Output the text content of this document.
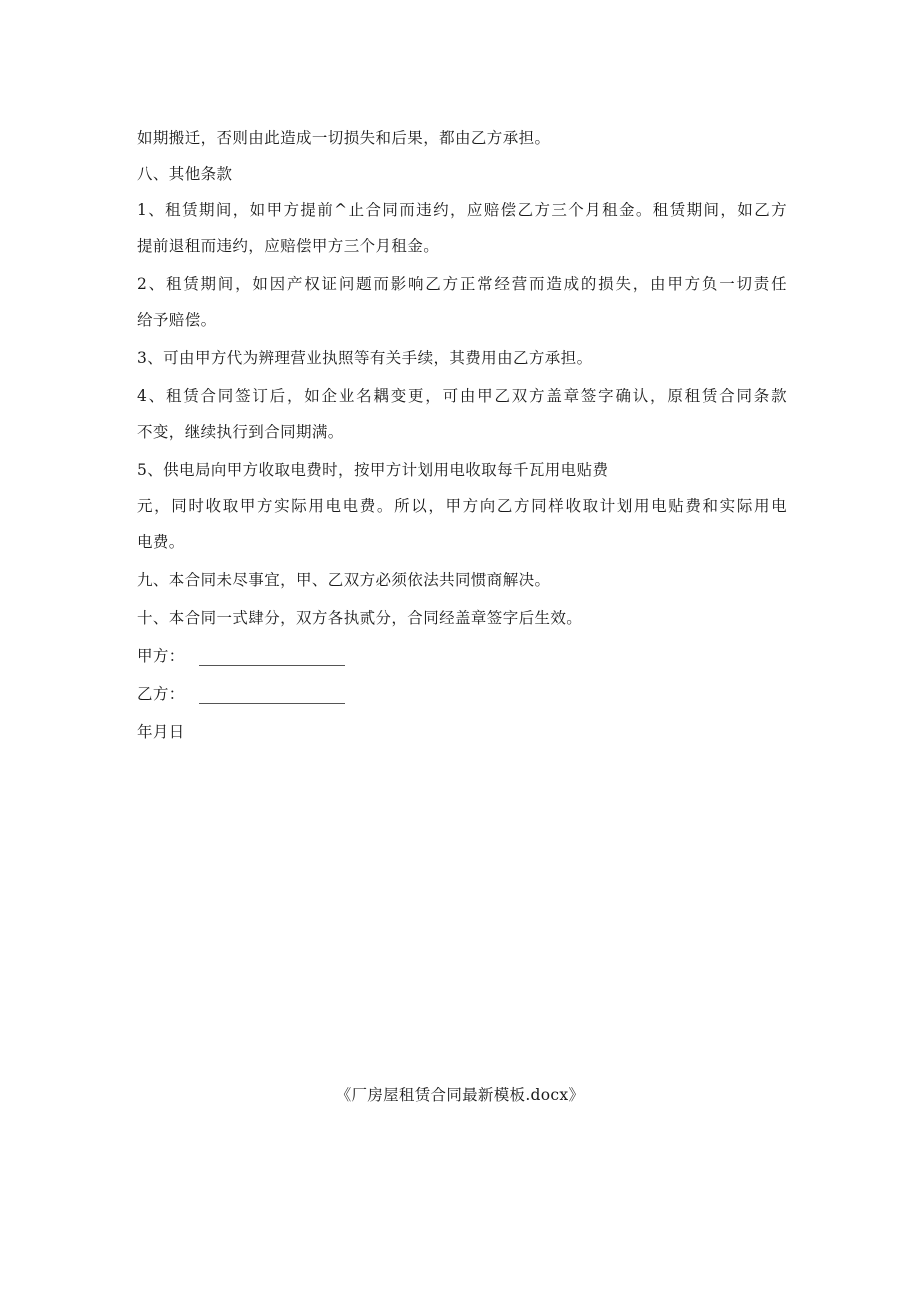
如期搬迁，否则由此造成一切损失和后果，都由乙方承担。
八、其他条款
1、租赁期间，如甲方提前^止合同而违约，应赔偿乙方三个月租金。租赁期间，如乙方
提前退租而违约，应赔偿甲方三个月租金。
2、租赁期间，如因产权证问题而影响乙方正常经营而造成的损失，由甲方负一切责任
给予赔偿。
3、可由甲方代为辨理营业执照等有关手续，其费用由乙方承担。
4、租赁合同签订后，如企业名耦变更，可由甲乙双方盖章签字确认，原租赁合同条款
不变，继续执行到合同期满。
5、供电局向甲方收取电费时，按甲方计划用电收取每千瓦用电贴费
元，同时收取甲方实际用电电费。所以，甲方向乙方同样收取计划用电贴费和实际用电
电费。
九、本合同未尽事宜，甲、乙双方必须依法共同惯商解决。
十、本合同一式肆分，双方各执贰分，合同经盖章签字后生效。
甲方：
乙方：
年月日
《厂房屋租赁合同最新模板.docx》
